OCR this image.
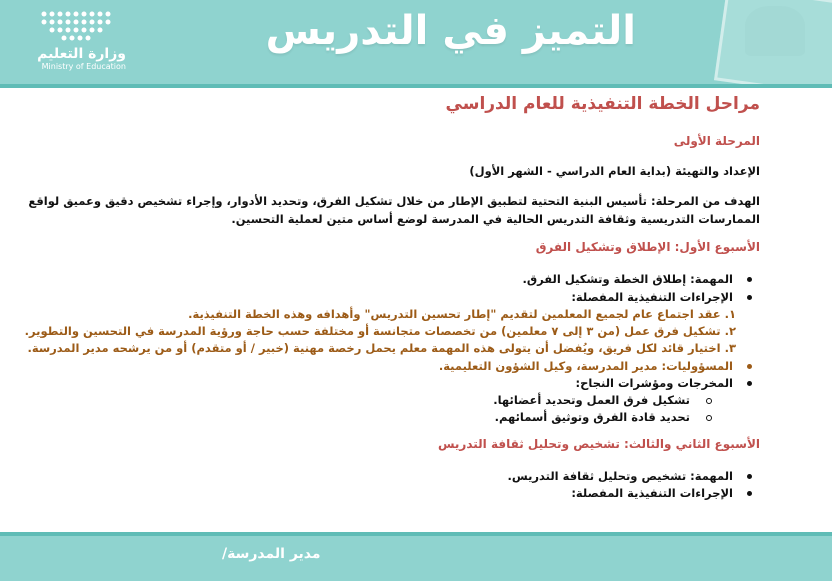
وزارة التعليم
Ministry of Education
التميز في التدريس
مراحل الخطة التنفيذية للعام الدراسي
المرحلة الأولى
الإعداد والتهيئة (بداية العام الدراسي - الشهر الأول)
الهدف من المرحلة: تأسيس البنية التحتية لتطبيق الإطار من خلال تشكيل الفرق، وتحديد الأدوار، وإجراء تشخيص دقيق وعميق لواقع
الممارسات التدريسية وثقافة التدريس الحالية في المدرسة لوضع أساس متين لعملية التحسين.
الأسبوع الأول: الإطلاق وتشكيل الفرق
المهمة: إطلاق الخطة وتشكيل الفرق.
الإجراءات التنفيذية المفصلة:
١. عقد اجتماع عام لجميع المعلمين لتقديم "إطار تحسين التدريس" وأهدافه وهذه الخطة التنفيذية.
٢. تشكيل فرق عمل (من ٣ إلى ٧ معلمين) من تخصصات متجانسة أو مختلفة حسب حاجة ورؤية المدرسة في التحسين والتطوير.
٣. اختيار قائد لكل فريق، ويُفضل أن يتولى هذه المهمة معلم يحمل رخصة مهنية (خبير / أو متقدم) أو من يرشحه مدير المدرسة.
المسؤوليات: مدير المدرسة، وكيل الشؤون التعليمية.
المخرجات ومؤشرات النجاح:
تشكيل فرق العمل وتحديد أعضائها.
تحديد قادة الفرق وتوثيق أسمائهم.
الأسبوع الثاني والثالث: تشخيص وتحليل ثقافة التدريس
المهمة: تشخيص وتحليل ثقافة التدريس.
الإجراءات التنفيذية المفصلة:
مدير المدرسة/
